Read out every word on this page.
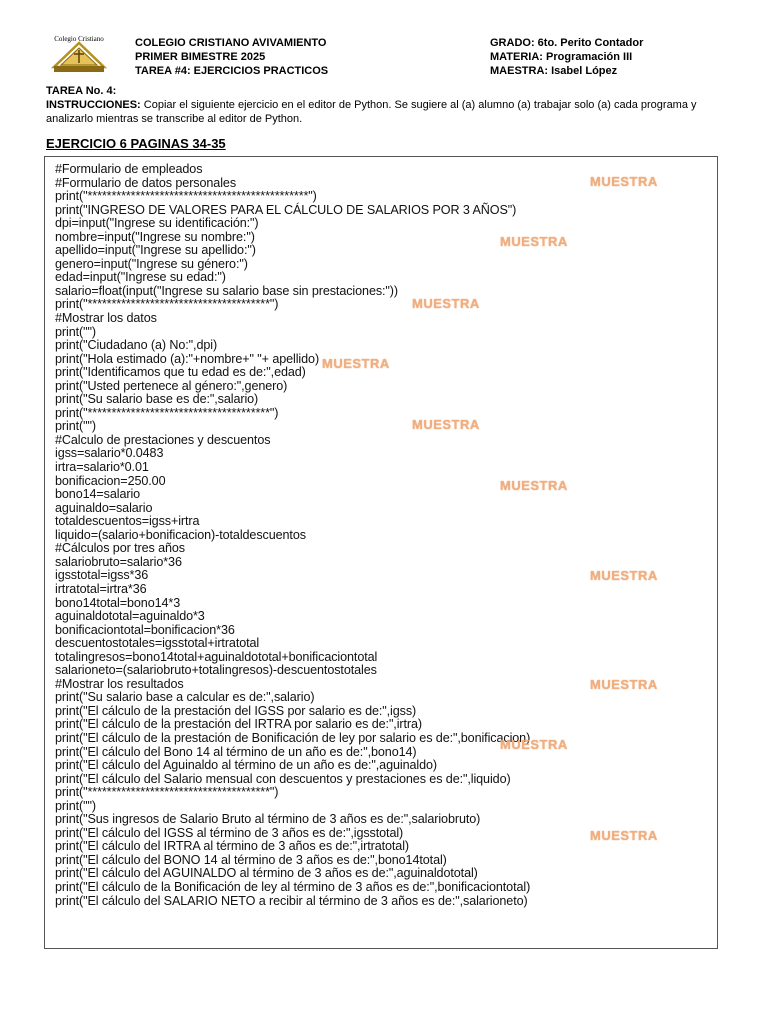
Colegio Cristiano	COLEGIO CRISTIANO AVIVAMIENTO
PRIMER BIMESTRE 2025
TAREA #4: EJERCICIOS PRACTICOS
GRADO: 6to. Perito Contador
MATERIA: Programación III
MAESTRA: Isabel López
TAREA No. 4:
INSTRUCCIONES: Copiar el siguiente ejercicio en el editor de Python. Se sugiere al (a) alumno (a) trabajar solo (a) cada programa y analizarlo mientras se transcribe al editor de Python.
EJERCICIO 6 PAGINAS 34-35
#Formulario de empleados
#Formulario de datos personales
print("**********************************************")
print("INGRESO DE VALORES PARA EL CÁLCULO DE SALARIOS POR 3 AÑOS")
dpi=input("Ingrese su identificación:")
nombre=input("Ingrese su nombre:")
apellido=input("Ingrese su apellido:")
genero=input("Ingrese su género:")
edad=input("Ingrese su edad:")
salario=float(input("Ingrese su salario base sin prestaciones:"))
print("**************************************")
#Mostrar los datos
print("")
print("Ciudadano (a) No:",dpi)
print("Hola estimado (a):"+nombre+" "+ apellido)
print("Identificamos que tu edad es de:",edad)
print("Usted pertenece al género:",genero)
print("Su salario base es de:",salario)
print("**************************************")
print("")
#Calculo de prestaciones y descuentos
igss=salario*0.0483
irtra=salario*0.01
bonificacion=250.00
bono14=salario
aguinaldo=salario
totaldescuentos=igss+irtra
liquido=(salario+bonificacion)-totaldescuentos
#Cálculos por tres años
salariobruto=salario*36
igsstotal=igss*36
irtratotal=irtra*36
bono14total=bono14*3
aguinaldototal=aguinaldo*3
bonificaciontotal=bonificacion*36
descuentostotales=igsstotal+irtratotal
totalingresos=bono14total+aguinaldototal+bonificaciontotal
salarioneto=(salariobruto+totalingresos)-descuentostotales
#Mostrar los resultados
print("Su salario base a calcular es de:",salario)
print("El cálculo de la prestación del IGSS por salario es de:",igss)
print("El cálculo de la prestación del IRTRA por salario es de:",irtra)
print("El cálculo de la prestación de Bonificación de ley por salario es de:",bonificacion)
print("El cálculo del Bono 14 al término de un año es de:",bono14)
print("El cálculo del Aguinaldo al término de un año es de:",aguinaldo)
print("El cálculo del Salario mensual con descuentos y prestaciones es de:",liquido)
print("**************************************")
print("")
print("Sus ingresos de Salario Bruto al término de 3 años es de:",salariobruto)
print("El cálculo del IGSS al término de 3 años es de:",igsstotal)
print("El cálculo del IRTRA al término de 3 años es de:",irtratotal)
print("El cálculo del BONO 14 al término de 3 años es de:",bono14total)
print("El cálculo del AGUINALDO al término de 3 años es de:",aguinaldototal)
print("El cálculo de la Bonificación de ley al término de 3 años es de:",bonificaciontotal)
print("El cálculo del SALARIO NETO a recibir al término de 3 años es de:",salarioneto)
MUESTRA
MUESTRA
MUESTRA
MUESTRA
MUESTRA
MUESTRA
MUESTRA
MUESTRA
MUESTRA
MUESTRA
